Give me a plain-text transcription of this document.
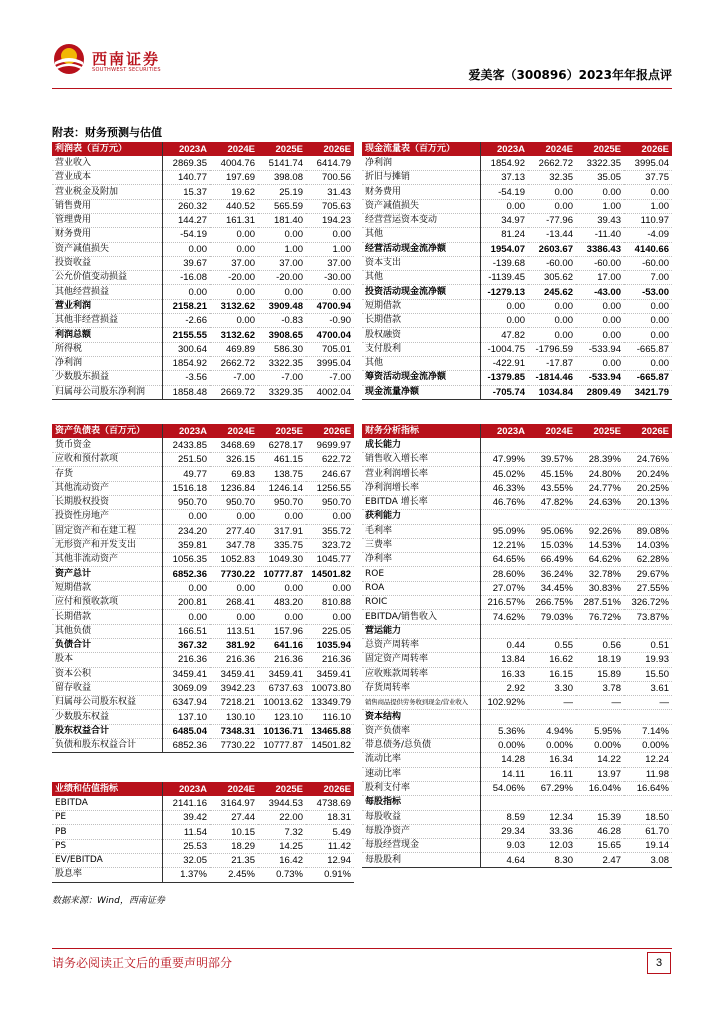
西南证券
SOUTHWEST SECURITIES	爱美客（300896）2023年年报点评
附表：财务预测与估值
利润表（百万元）	2023A	2024E	2025E	2026E
营业收入	2869.35	4004.76	5141.74	6414.79
营业成本	140.77	197.69	398.08	700.56
营业税金及附加	15.37	19.62	25.19	31.43
销售费用	260.32	440.52	565.59	705.63
管理费用	144.27	161.31	181.40	194.23
财务费用	-54.19	0.00	0.00	0.00
资产减值损失	0.00	0.00	1.00	1.00
投资收益	39.67	37.00	37.00	37.00
公允价值变动损益	-16.08	-20.00	-20.00	-30.00
其他经营损益	0.00	0.00	0.00	0.00
营业利润	2158.21	3132.62	3909.48	4700.94
其他非经营损益	-2.66	0.00	-0.83	-0.90
利润总额	2155.55	3132.62	3908.65	4700.04
所得税	300.64	469.89	586.30	705.01
净利润	1854.92	2662.72	3322.35	3995.04
少数股东损益	-3.56	-7.00	-7.00	-7.00
归属母公司股东净利润	1858.48	2669.72	3329.35	4002.04
现金流量表（百万元）	2023A	2024E	2025E	2026E
净利润	1854.92	2662.72	3322.35	3995.04
折旧与摊销	37.13	32.35	35.05	37.75
财务费用	-54.19	0.00	0.00	0.00
资产减值损失	0.00	0.00	1.00	1.00
经营营运资本变动	34.97	-77.96	39.43	110.97
其他	81.24	-13.44	-11.40	-4.09
经营活动现金流净额	1954.07	2603.67	3386.43	4140.66
资本支出	-139.68	-60.00	-60.00	-60.00
其他	-1139.45	305.62	17.00	7.00
投资活动现金流净额	-1279.13	245.62	-43.00	-53.00
短期借款	0.00	0.00	0.00	0.00
长期借款	0.00	0.00	0.00	0.00
股权融资	47.82	0.00	0.00	0.00
支付股利	-1004.75	-1796.59	-533.94	-665.87
其他	-422.91	-17.87	0.00	0.00
筹资活动现金流净额	-1379.85	-1814.46	-533.94	-665.87
现金流量净额	-705.74	1034.84	2809.49	3421.79
资产负债表（百万元）	2023A	2024E	2025E	2026E
货币资金	2433.85	3468.69	6278.17	9699.97
应收和预付款项	251.50	326.15	461.15	622.72
存货	49.77	69.83	138.75	246.67
其他流动资产	1516.18	1236.84	1246.14	1256.55
长期股权投资	950.70	950.70	950.70	950.70
投资性房地产	0.00	0.00	0.00	0.00
固定资产和在建工程	234.20	277.40	317.91	355.72
无形资产和开发支出	359.81	347.78	335.75	323.72
其他非流动资产	1056.35	1052.83	1049.30	1045.77
资产总计	6852.36	7730.22	10777.87	14501.82
短期借款	0.00	0.00	0.00	0.00
应付和预收款项	200.81	268.41	483.20	810.88
长期借款	0.00	0.00	0.00	0.00
其他负债	166.51	113.51	157.96	225.05
负债合计	367.32	381.92	641.16	1035.94
股本	216.36	216.36	216.36	216.36
资本公积	3459.41	3459.41	3459.41	3459.41
留存收益	3069.09	3942.23	6737.63	10073.80
归属母公司股东权益	6347.94	7218.21	10013.62	13349.79
少数股东权益	137.10	130.10	123.10	116.10
股东权益合计	6485.04	7348.31	10136.71	13465.88
负债和股东权益合计	6852.36	7730.22	10777.87	14501.82
财务分析指标	2023A	2024E	2025E	2026E
成长能力				
销售收入增长率	47.99%	39.57%	28.39%	24.76%
营业利润增长率	45.02%	45.15%	24.80%	20.24%
净利润增长率	46.33%	43.55%	24.77%	20.25%
EBITDA 增长率	46.76%	47.82%	24.63%	20.13%
获利能力				
毛利率	95.09%	95.06%	92.26%	89.08%
三费率	12.21%	15.03%	14.53%	14.03%
净利率	64.65%	66.49%	64.62%	62.28%
ROE	28.60%	36.24%	32.78%	29.67%
ROA	27.07%	34.45%	30.83%	27.55%
ROIC	216.57%	266.75%	287.51%	326.72%
EBITDA/销售收入	74.62%	79.03%	76.72%	73.87%
营运能力				
总资产周转率	0.44	0.55	0.56	0.51
固定资产周转率	13.84	16.62	18.19	19.93
应收账款周转率	16.33	16.15	15.89	15.50
存货周转率	2.92	3.30	3.78	3.61
销售商品提供劳务收到现金/营业收入	102.92%	—	—	—
资本结构				
资产负债率	5.36%	4.94%	5.95%	7.14%
带息债务/总负债	0.00%	0.00%	0.00%	0.00%
流动比率	14.28	16.34	14.22	12.24
速动比率	14.11	16.11	13.97	11.98
股利支付率	54.06%	67.29%	16.04%	16.64%
每股指标				
每股收益	8.59	12.34	15.39	18.50
每股净资产	29.34	33.36	46.28	61.70
每股经营现金	9.03	12.03	15.65	19.14
每股股利	4.64	8.30	2.47	3.08
业绩和估值指标	2023A	2024E	2025E	2026E
EBITDA	2141.16	3164.97	3944.53	4738.69
PE	39.42	27.44	22.00	18.31
PB	11.54	10.15	7.32	5.49
PS	25.53	18.29	14.25	11.42
EV/EBITDA	32.05	21.35	16.42	12.94
股息率	1.37%	2.45%	0.73%	0.91%
数据来源：Wind，西南证券
请务必阅读正文后的重要声明部分	3
